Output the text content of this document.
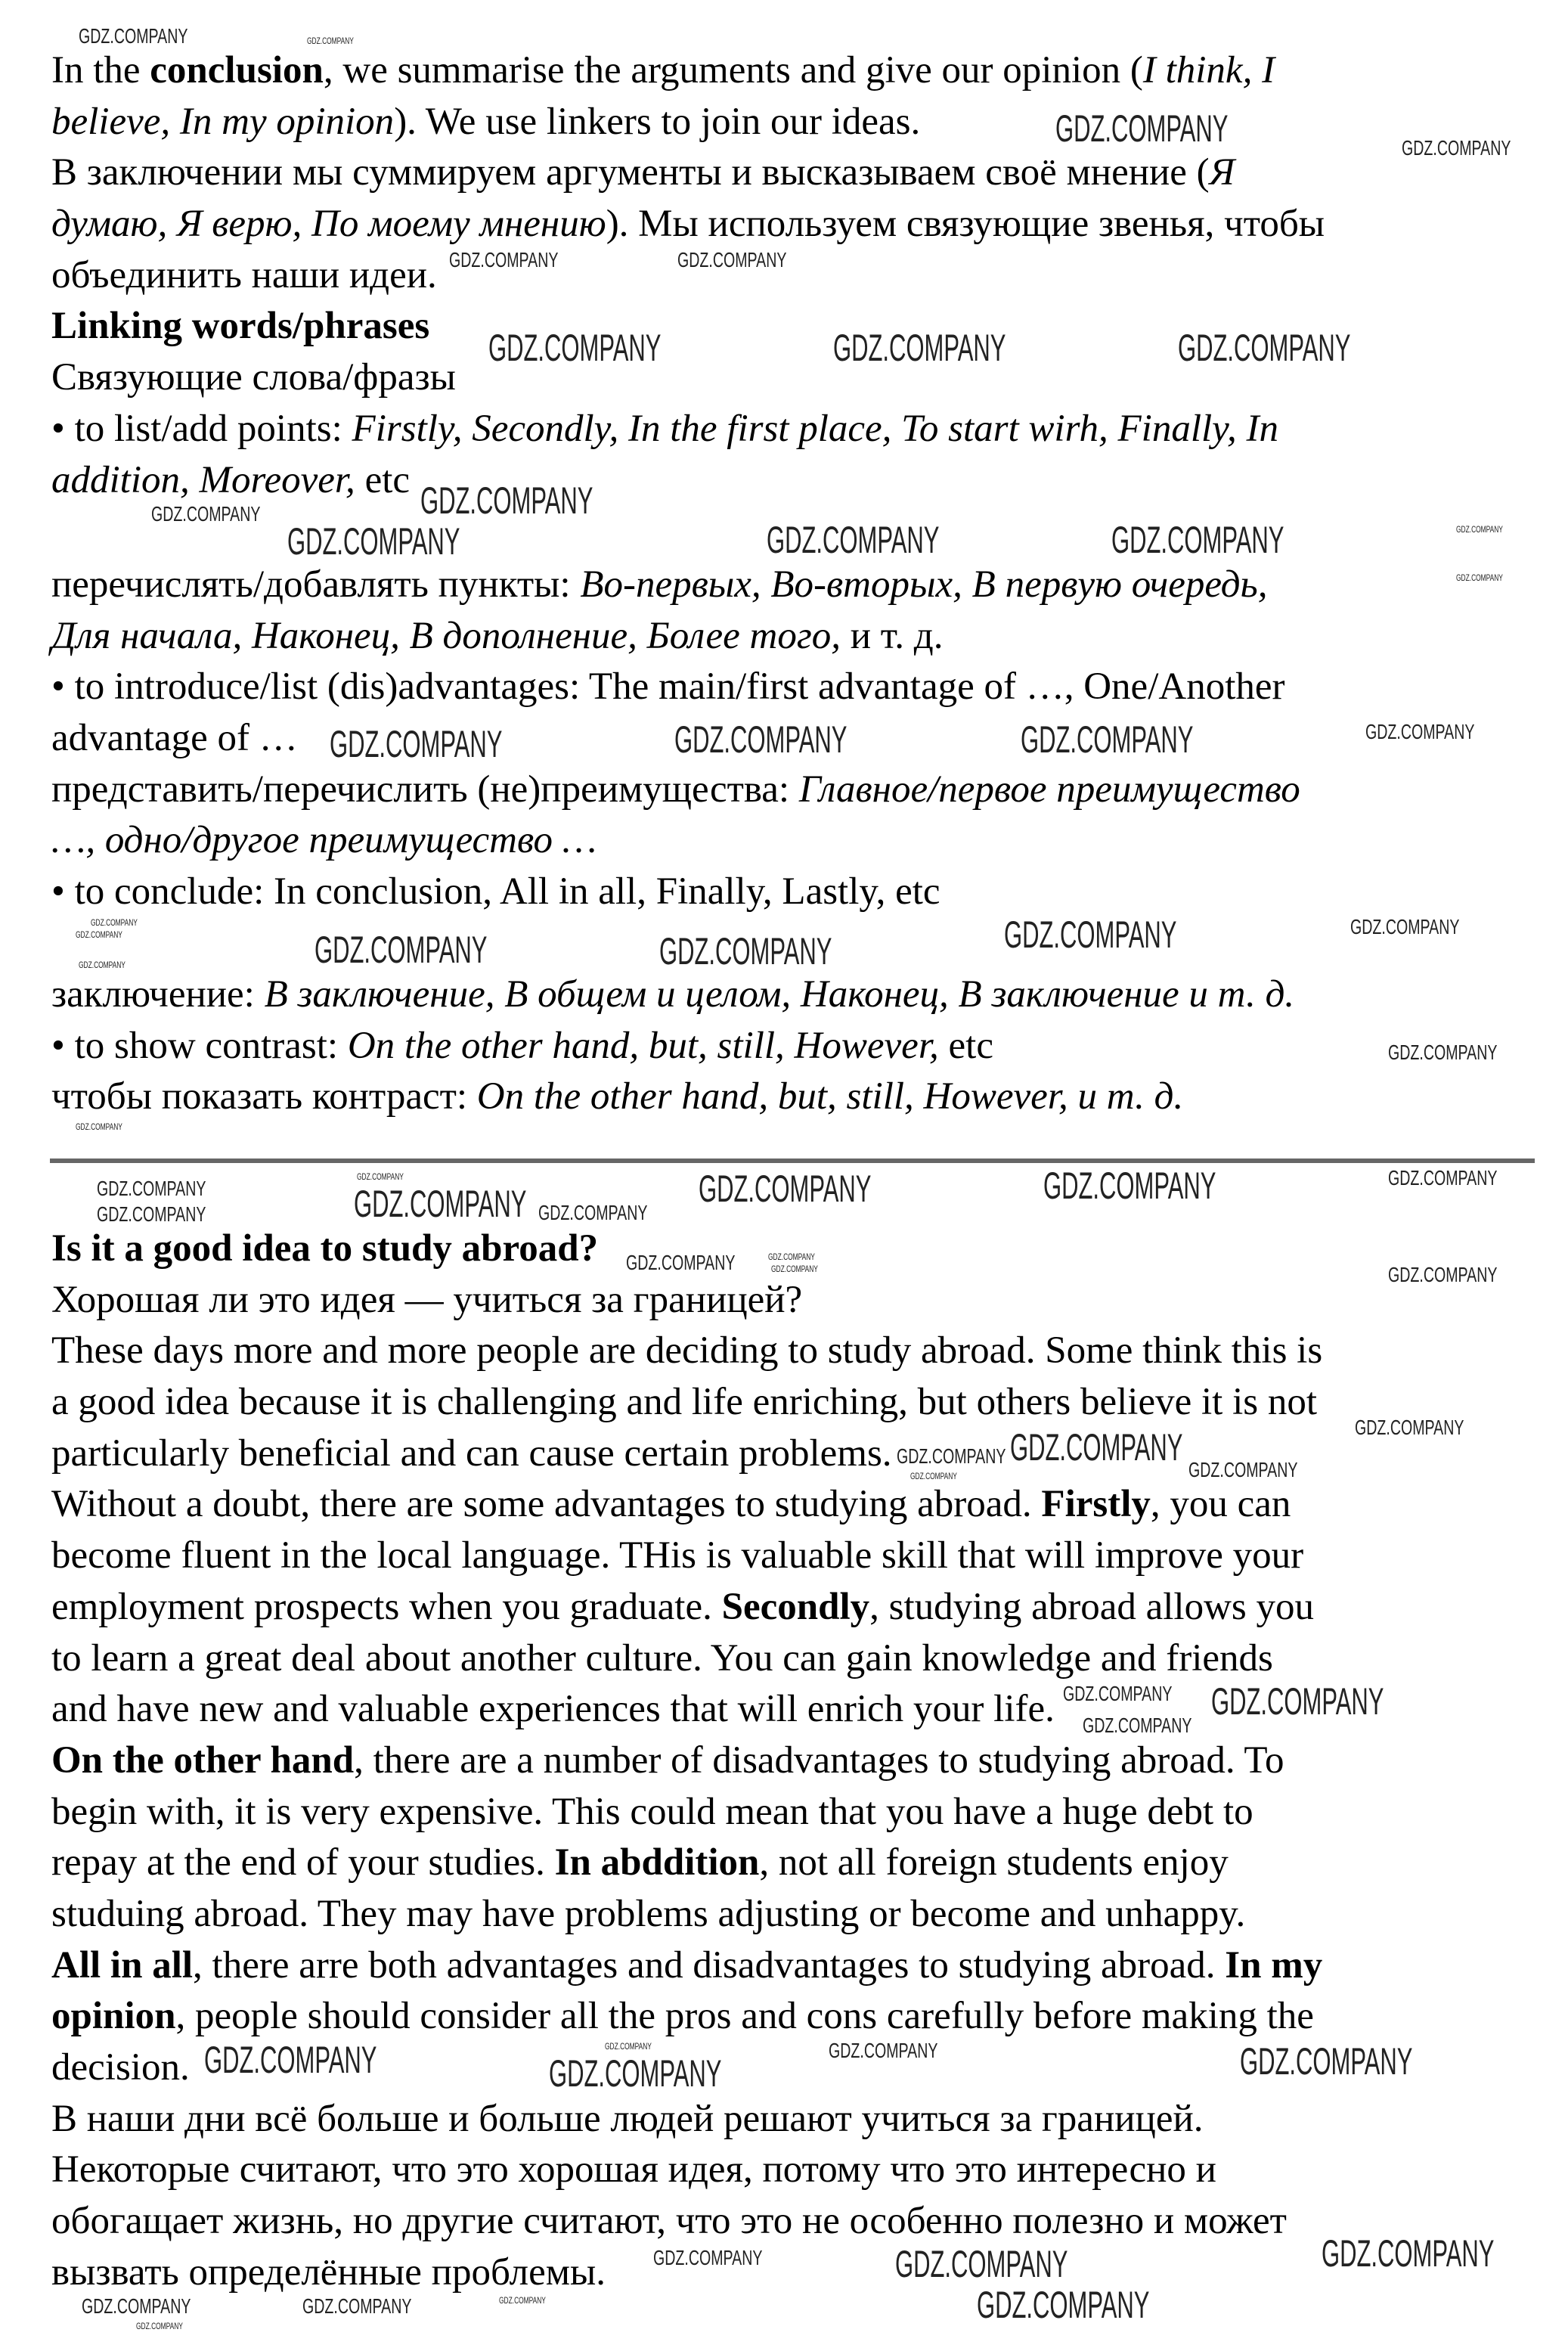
In the conclusion, we summarise the arguments and give our opinion (I think, I
believe, In my opinion). We use linkers to join our ideas.
В заключении мы суммируем аргументы и высказываем своё мнение (Я
думаю, Я верю, По моему мнению). Мы используем связующие звенья, чтобы
объединить наши идеи.
Linking words/phrases
Связующие слова/фразы
• to list/add points: Firstly, Secondly, In the first place, To start wirh, Finally, In
addition, Moreover, etc
перечислять/добавлять пункты: Во-первых, Во-вторых, В первую очередь,
Для начала, Наконец, В дополнение, Более того, и т. д.
• to introduce/list (dis)advantages: The main/first advantage of …, One/Another
advantage of …
представить/перечислить (не)преимущества: Главное/первое преимущество
…, одно/другое преимущество …
• to conclude: In conclusion, All in all, Finally, Lastly, etc
заключение: В заключение, В общем и целом, Наконец, В заключение и т. д.
• to show contrast: On the other hand, but, still, However, etc
чтобы показать контраст: On the other hand, but, still, However, и т. д.
Is it a good idea to study abroad?
Хорошая ли это идея — учиться за границей?
These days more and more people are deciding to study abroad. Some think this is
a good idea because it is challenging and life enriching, but others believe it is not
particularly beneficial and can cause certain problems.
Without a doubt, there are some advantages to studying abroad. Firstly, you can
become fluent in the local language. THis is valuable skill that will improve your
employment prospects when you graduate. Secondly, studying abroad allows you
to learn a great deal about another culture. You can gain knowledge and friends
and have new and valuable experiences that will enrich your life.
On the other hand, there are a number of disadvantages to studying abroad. To
begin with, it is very expensive. This could mean that you have a huge debt to
repay at the end of your studies. In abddition, not all foreign students enjoy
studuing abroad. They may have problems adjusting or become and unhappy.
All in all, there arre both advantages and disadvantages to studying abroad. In my
opinion, people should consider all the pros and cons carefully before making the
decision.
В наши дни всё больше и больше людей решают учиться за границей.
Некоторые считают, что это хорошая идея, потому что это интересно и
обогащает жизнь, но другие считают, что это не особенно полезно и может
вызвать определённые проблемы.
GDZ.COMPANY	GDZ.COMPANY
GDZ.COMPANY
GDZ.COMPANY	GDZ.COMPANY
GDZ.COMPANY
GDZ.COMPANY
GDZ.COMPANY	GDZ.COMPANY	GDZ.COMPANY
GDZ.COMPANY
GDZ.COMPANY
GDZ.COMPANY	GDZ.COMPANY	GDZ.COMPANY
GDZ.COMPANY
GDZ.COMPANY	GDZ.COMPANY	GDZ.COMPANY	GDZ.COMPANY
GDZ.COMPANY
GDZ.COMPANY	GDZ.COMPANY	GDZ.COMPANY
GDZ.COMPANY	GDZ.COMPANY
GDZ.COMPANY
GDZ.COMPANY
GDZ.COMPANY
GDZ.COMPANY	GDZ.COMPANY
GDZ.COMPANY
GDZ.COMPANY	GDZ.COMPANY
GDZ.COMPANY
GDZ.COMPANY
GDZ.COMPANY
GDZ.COMPANY
GDZ.COMPANY
GDZ.COMPANY
GDZ.COMPANY
GDZ.COMPANY
GDZ.COMPANY
GDZ.COMPANY
GDZ.COMPANY GDZ.COMPANY
GDZ.COMPANY
GDZ.COMPANY
GDZ.COMPANY
GDZ.COMPANY
GDZ.COMPANY
GDZ.COMPANY	GDZ.COMPANY
GDZ.COMPANY
GDZ.COMPANY
GDZ.COMPANY
GDZ.COMPANY
GDZ.COMPANY	GDZ.COMPANY
GDZ.COMPANY
GDZ.COMPANY
GDZ.COMPANY
